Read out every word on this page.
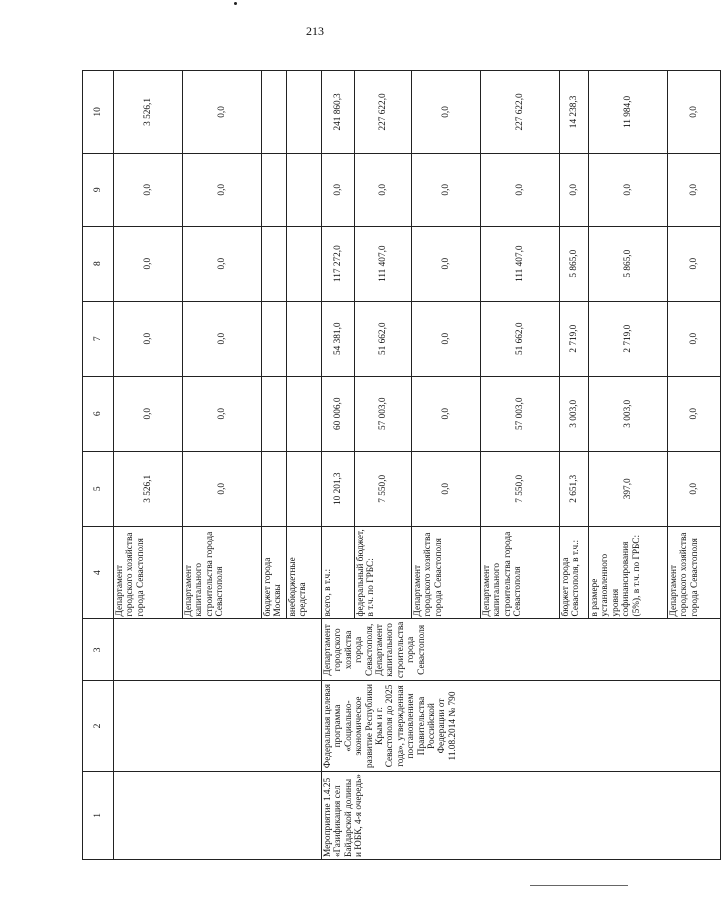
213
1	2	3	4	5	6	7	8	9	10
			Департамент городского хозяйства города Севастополя	3 526,1	0,0	0,0	0,0	0,0	3 526,1
			Департамент капитального строительства города Севастополя	0,0	0,0	0,0	0,0	0,0	0,0
			бюджет города Москвы						
			внебюджетные средства						
Мероприятие 1.4.25 «Газификация сел Байдарской долины и ЮБК, 4-я очередь»	Федеральная целевая программа «Социально-экономическое развитие Республики Крым и г. Севастополя до 2025 года», утвержденная постановлением Правительства Российской Федерации от 11.08.2014 № 790	Департамент городского хозяйства города Севастополя, Департамент капитального строительства города Севастополя	всего, в т.ч.:	10 201,3	60 006,0	54 381,0	117 272,0	0,0	241 860,3
			федеральный бюджет, в т.ч. по ГРБС:	7 550,0	57 003,0	51 662,0	111 407,0	0,0	227 622,0
			Департамент городского хозяйства города Севастополя	0,0	0,0	0,0	0,0	0,0	0,0
			Департамент капитального строительства города Севастополя	7 550,0	57 003,0	51 662,0	111 407,0	0,0	227 622,0
			бюджет города Севастополя, в т.ч.:	2 651,3	3 003,0	2 719,0	5 865,0	0,0	14 238,3
			в размере установленного уровня софинансирования (5%), в т.ч. по ГРБС:	397,0	3 003,0	2 719,0	5 865,0	0,0	11 984,0
			Департамент городского хозяйства города Севастополя	0,0	0,0	0,0	0,0	0,0	0,0
